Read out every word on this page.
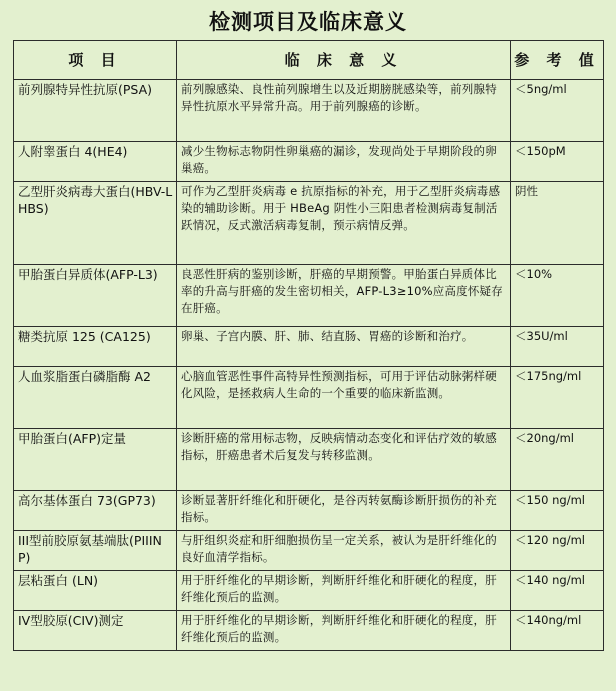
检测项目及临床意义
项 目	临 床 意 义	参 考 值
前列腺特异性抗原(PSA)	前列腺感染、良性前列腺增生以及近期膀胱感染等，前列腺特异性抗原水平异常升高。用于前列腺癌的诊断。	＜5ng/ml
人附睾蛋白 4(HE4)	减少生物标志物阴性卵巢癌的漏诊，发现尚处于早期阶段的卵巢癌。	＜150pM
乙型肝炎病毒大蛋白(HBV-LHBS)	可作为乙型肝炎病毒 e 抗原指标的补充，用于乙型肝炎病毒感染的辅助诊断。用于 HBeAg 阴性小三阳患者检测病毒复制活跃情况，反式激活病毒复制，预示病情反弹。	阴性
甲胎蛋白异质体(AFP-L3)	良恶性肝病的鉴别诊断，肝癌的早期预警。甲胎蛋白异质体比率的升高与肝癌的发生密切相关，AFP-L3≥10%应高度怀疑存在肝癌。	＜10%
糖类抗原 125 (CA125)	卵巢、子宫内膜、肝、肺、结直肠、胃癌的诊断和治疗。	＜35U/ml
人血浆脂蛋白磷脂酶 A2	心脑血管恶性事件高特异性预测指标，可用于评估动脉粥样硬化风险，是拯救病人生命的一个重要的临床新监测。	＜175ng/ml
甲胎蛋白(AFP)定量	诊断肝癌的常用标志物，反映病情动态变化和评估疗效的敏感指标，肝癌患者术后复发与转移监测。	＜20ng/ml
高尔基体蛋白 73(GP73)	诊断显著肝纤维化和肝硬化，是谷丙转氨酶诊断肝损伤的补充指标。	＜150 ng/ml
III型前胶原氨基端肽(PIIINP)	与肝组织炎症和肝细胞损伤呈一定关系，被认为是肝纤维化的良好血清学指标。	＜120 ng/ml
层粘蛋白 (LN)	用于肝纤维化的早期诊断，判断肝纤维化和肝硬化的程度，肝纤维化预后的监测。	＜140 ng/ml
IV型胶原(CIV)测定	用于肝纤维化的早期诊断，判断肝纤维化和肝硬化的程度，肝纤维化预后的监测。	＜140ng/ml
